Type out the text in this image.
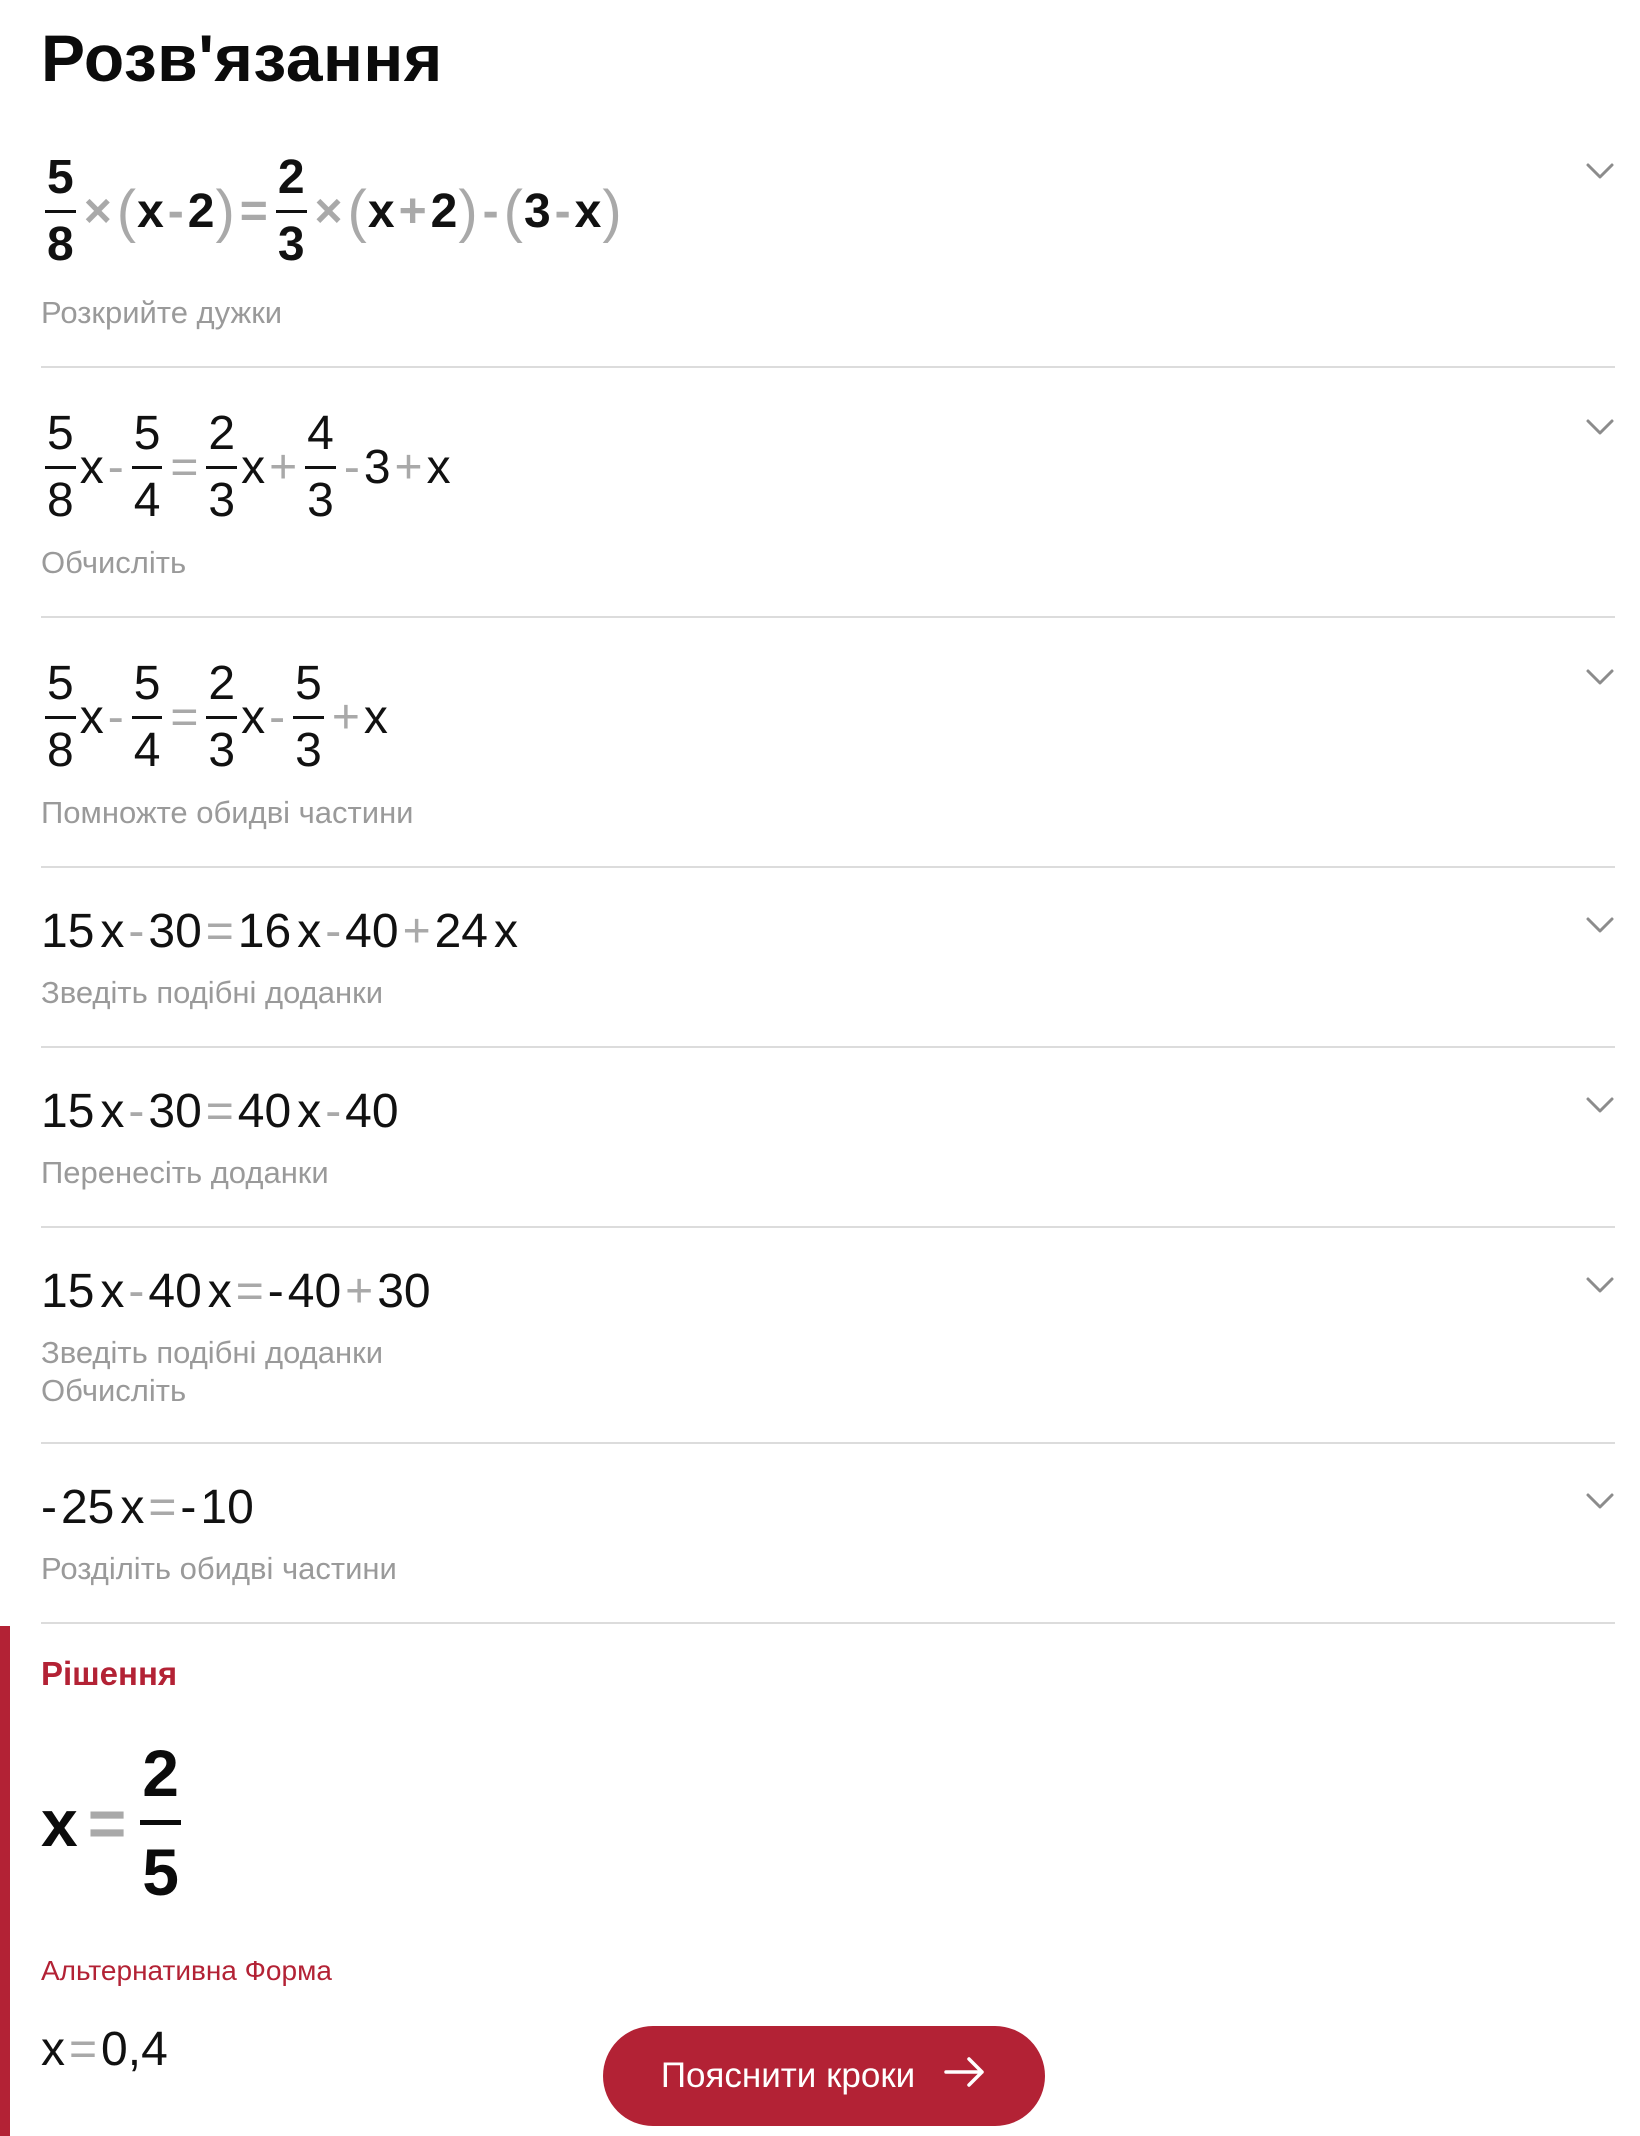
Розв'язання
$\frac{5}{8}$ × ( x - 2 ) = $\frac{2}{3}$ × ( x + 2 ) - ( 3 - x )
Розкрийте дужки
$\frac{5}{8}$ $x - \frac{5}{4} = \frac{2}{3}$ $x + \frac{4}{3} - 3 + x$
Обчисліть
$\frac{5}{8}$ $x - \frac{5}{4} = \frac{2}{3}$ $x - \frac{5}{3} + x$
Помножте обидві частини
15 x - 30 = 16 x - 40 + 24 x
Зведіть подібні доданки
15 x - 30 = 40 x - 40
Перенесіть доданки
15 x - 40 x = - 40 + 30
Зведіть подібні доданки
Обчисліть
- 25 x = - 10
Розділіть обидві частини
Рішення
x =
2
5
Альтернативна Форма
x = 0,4	Пояснити кроки
